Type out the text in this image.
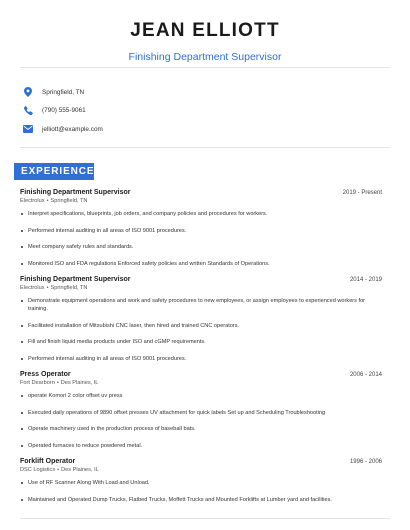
JEAN ELLIOTT
Finishing Department Supervisor
Springfield, TN
(790) 555-9061
jelliott@example.com
EXPERIENCE
Finishing Department Supervisor	2019 - Present
Electrolux • Springfield, TN
Interpret specifications, blueprints, job orders, and company policies and procedures for workers.
Performed internal auditing in all areas of ISO 9001 procedures.
Meet company safety rules and standards.
Monitored ISO and FDA regulations Enforced safety policies and written Standards of Operations.
Finishing Department Supervisor	2014 - 2019
Electrolux • Springfield, TN
Demonstrate equipment operations and work and safety procedures to new employees, or assign employees to experienced workers for training.
Facilitated installation of Mitsubishi CNC laser, then hired and trained CNC operators.
Fill and finish liquid media products under ISO and cGMP requirements.
Performed internal auditing in all areas of ISO 9001 procedures.
Press Operator	2006 - 2014
Fort Dearborn • Des Plaines, IL
operate Komori 2 color offset uv press
Executed daily operations of 9890 offset presses UV attachment for quick labels Set up and Scheduling Troubleshooting
Operate machinery used in the production process of baseball bats.
Operated furnaces to reduce powdered metal.
Forklift Operator	1996 - 2006
DSC Logistics • Des Plaines, IL
Use of RF Scanner Along With Load and Unload.
Maintained and Operated Dump Trucks, Flatbed Trucks, Moffett Trucks and Mounted Forklifts at Lumber yard and facilities.
